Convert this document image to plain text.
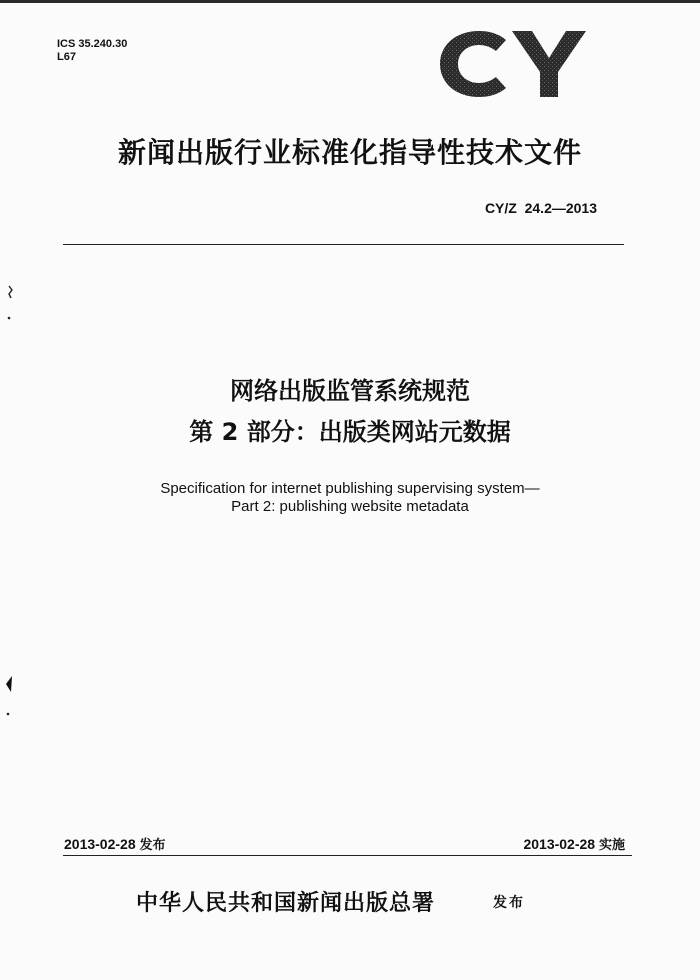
ICS 35.240.30
L67
新闻出版行业标准化指导性技术文件
CY/Z  24.2—2013
网络出版监管系统规范
第 2 部分：出版类网站元数据
Specification for internet publishing supervising system—
Part 2: publishing website metadata
2013-02-28 发布	2013-02-28 实施
中华人民共和国新闻出版总署	发布
